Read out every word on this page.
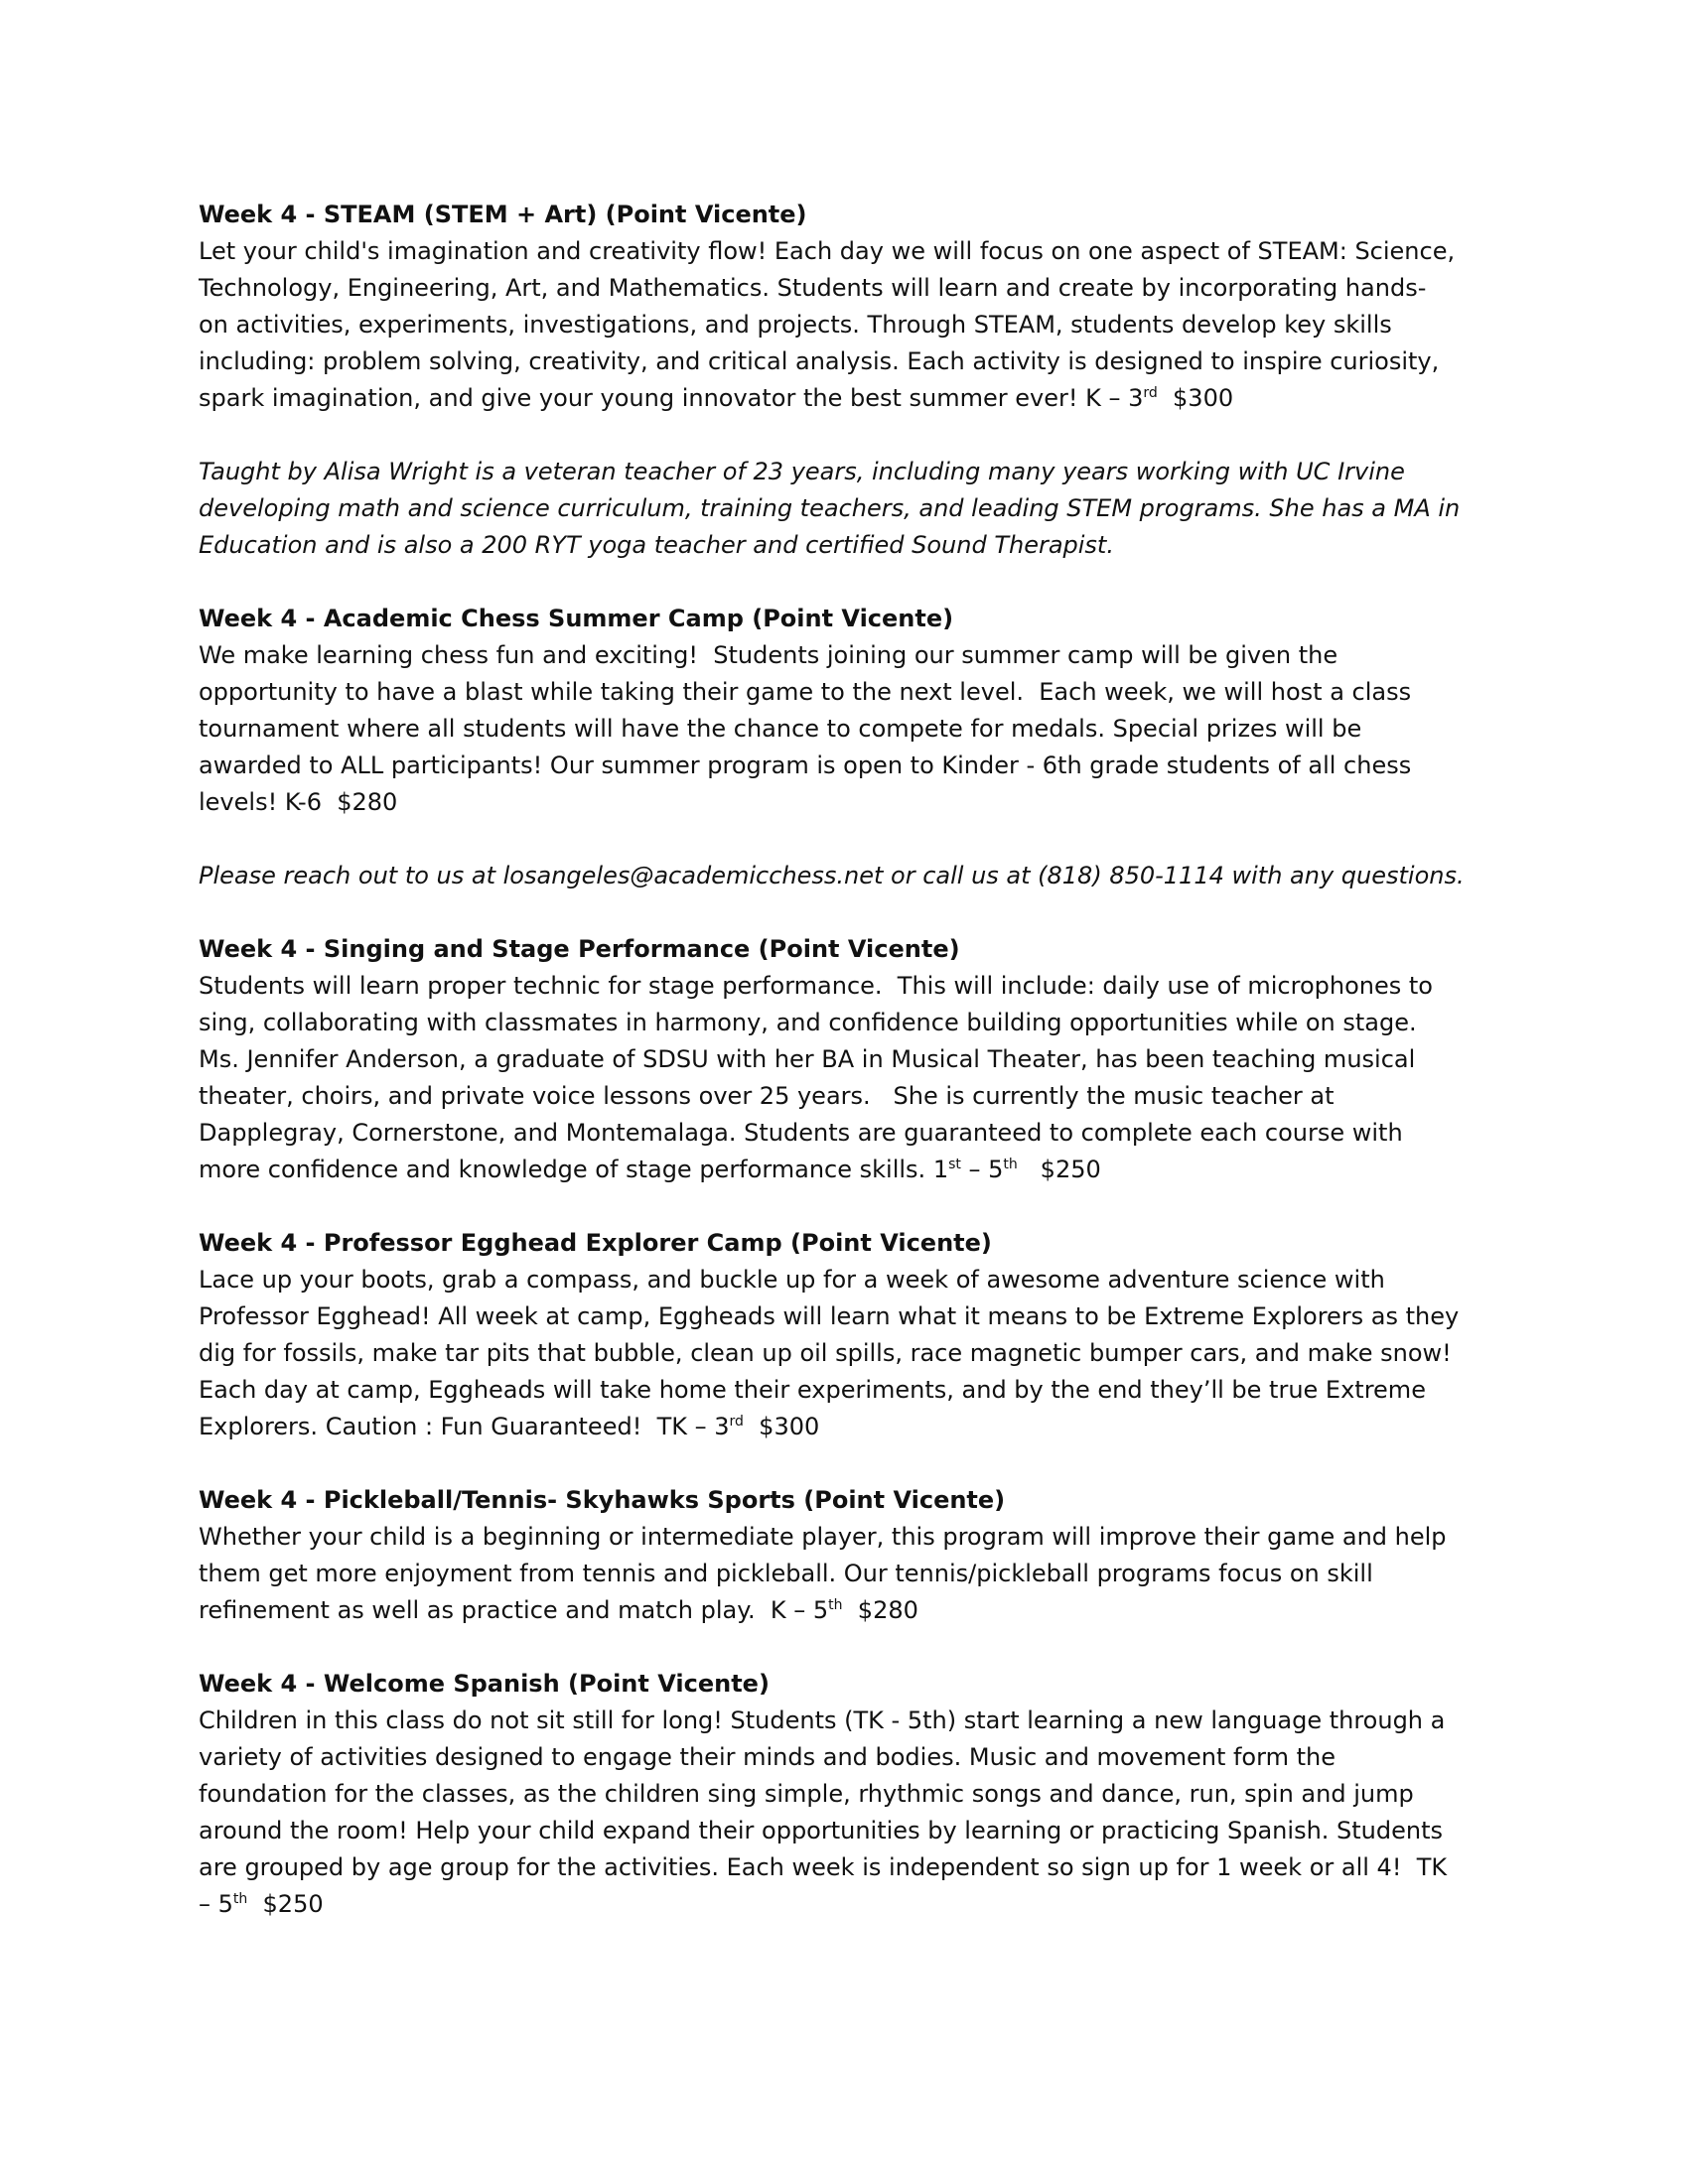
Week 4 - STEAM (STEM + Art) (Point Vicente)
Let your child's imagination and creativity flow! Each day we will focus on one aspect of STEAM: Science,
Technology, Engineering, Art, and Mathematics. Students will learn and create by incorporating hands-
on activities, experiments, investigations, and projects. Through STEAM, students develop key skills
including: problem solving, creativity, and critical analysis. Each activity is designed to inspire curiosity,
spark imagination, and give your young innovator the best summer ever! K – 3rd  $300
Taught by Alisa Wright is a veteran teacher of 23 years, including many years working with UC Irvine
developing math and science curriculum, training teachers, and leading STEM programs. She has a MA in
Education and is also a 200 RYT yoga teacher and certified Sound Therapist.
Week 4 - Academic Chess Summer Camp (Point Vicente)
We make learning chess fun and exciting!  Students joining our summer camp will be given the
opportunity to have a blast while taking their game to the next level.  Each week, we will host a class
tournament where all students will have the chance to compete for medals. Special prizes will be
awarded to ALL participants! Our summer program is open to Kinder - 6th grade students of all chess
levels! K-6  $280
Please reach out to us at losangeles@academicchess.net or call us at (818) 850-1114 with any questions.
Week 4 - Singing and Stage Performance (Point Vicente)
Students will learn proper technic for stage performance.  This will include: daily use of microphones to
sing, collaborating with classmates in harmony, and confidence building opportunities while on stage.
Ms. Jennifer Anderson, a graduate of SDSU with her BA in Musical Theater, has been teaching musical
theater, choirs, and private voice lessons over 25 years.   She is currently the music teacher at
Dapplegray, Cornerstone, and Montemalaga. Students are guaranteed to complete each course with
more confidence and knowledge of stage performance skills. 1st – 5th   $250
Week 4 - Professor Egghead Explorer Camp (Point Vicente)
Lace up your boots, grab a compass, and buckle up for a week of awesome adventure science with
Professor Egghead! All week at camp, Eggheads will learn what it means to be Extreme Explorers as they
dig for fossils, make tar pits that bubble, clean up oil spills, race magnetic bumper cars, and make snow!
Each day at camp, Eggheads will take home their experiments, and by the end they’ll be true Extreme
Explorers. Caution : Fun Guaranteed!  TK – 3rd  $300
Week 4 - Pickleball/Tennis- Skyhawks Sports (Point Vicente)
Whether your child is a beginning or intermediate player, this program will improve their game and help
them get more enjoyment from tennis and pickleball. Our tennis/pickleball programs focus on skill
refinement as well as practice and match play.  K – 5th  $280
Week 4 - Welcome Spanish (Point Vicente)
Children in this class do not sit still for long! Students (TK - 5th) start learning a new language through a
variety of activities designed to engage their minds and bodies. Music and movement form the
foundation for the classes, as the children sing simple, rhythmic songs and dance, run, spin and jump
around the room! Help your child expand their opportunities by learning or practicing Spanish. Students
are grouped by age group for the activities. Each week is independent so sign up for 1 week or all 4!  TK
– 5th  $250
